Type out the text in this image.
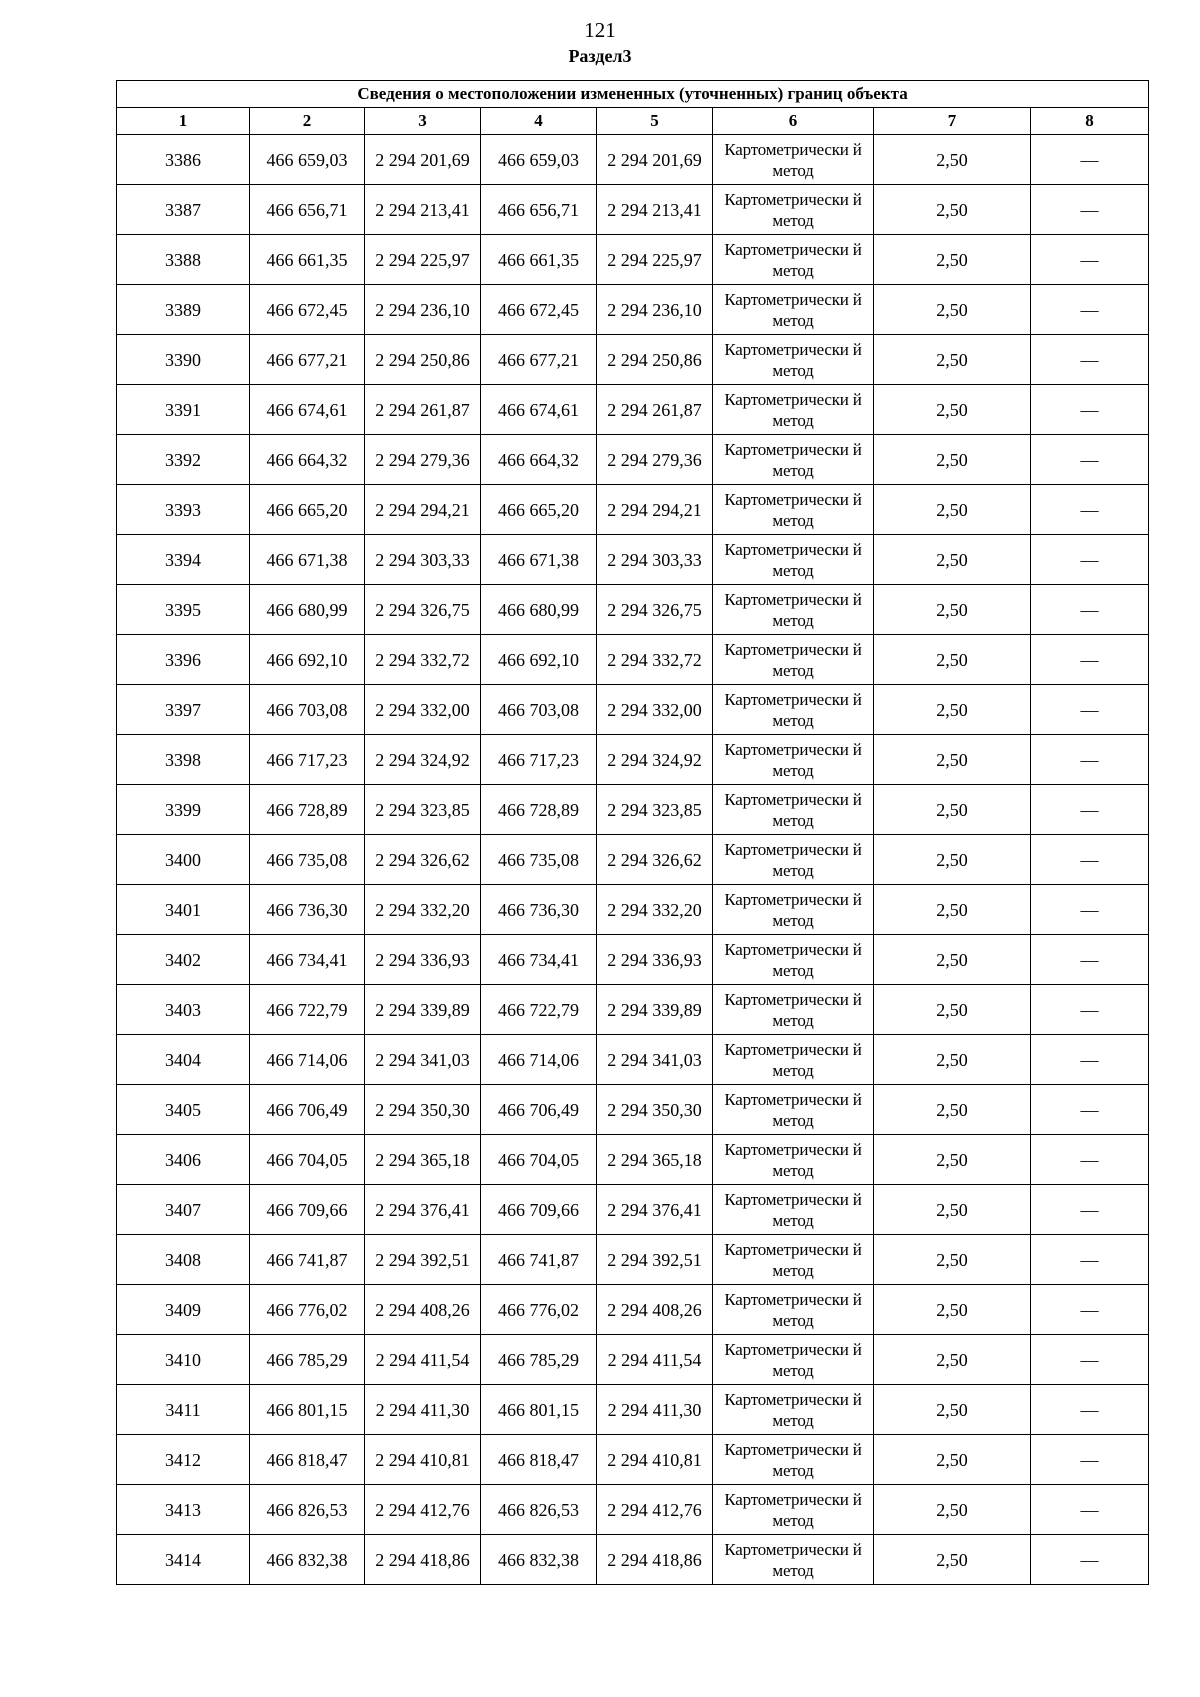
121
Раздел3
Сведения о местоположении измененных (уточненных) границ объекта							
1	2	3	4	5	6	7	8
3386	466 659,03	2 294 201,69	466 659,03	2 294 201,69	Картометрически й метод	2,50	—
3387	466 656,71	2 294 213,41	466 656,71	2 294 213,41	Картометрически й метод	2,50	—
3388	466 661,35	2 294 225,97	466 661,35	2 294 225,97	Картометрически й метод	2,50	—
3389	466 672,45	2 294 236,10	466 672,45	2 294 236,10	Картометрически й метод	2,50	—
3390	466 677,21	2 294 250,86	466 677,21	2 294 250,86	Картометрически й метод	2,50	—
3391	466 674,61	2 294 261,87	466 674,61	2 294 261,87	Картометрически й метод	2,50	—
3392	466 664,32	2 294 279,36	466 664,32	2 294 279,36	Картометрически й метод	2,50	—
3393	466 665,20	2 294 294,21	466 665,20	2 294 294,21	Картометрически й метод	2,50	—
3394	466 671,38	2 294 303,33	466 671,38	2 294 303,33	Картометрически й метод	2,50	—
3395	466 680,99	2 294 326,75	466 680,99	2 294 326,75	Картометрически й метод	2,50	—
3396	466 692,10	2 294 332,72	466 692,10	2 294 332,72	Картометрически й метод	2,50	—
3397	466 703,08	2 294 332,00	466 703,08	2 294 332,00	Картометрически й метод	2,50	—
3398	466 717,23	2 294 324,92	466 717,23	2 294 324,92	Картометрически й метод	2,50	—
3399	466 728,89	2 294 323,85	466 728,89	2 294 323,85	Картометрически й метод	2,50	—
3400	466 735,08	2 294 326,62	466 735,08	2 294 326,62	Картометрически й метод	2,50	—
3401	466 736,30	2 294 332,20	466 736,30	2 294 332,20	Картометрически й метод	2,50	—
3402	466 734,41	2 294 336,93	466 734,41	2 294 336,93	Картометрически й метод	2,50	—
3403	466 722,79	2 294 339,89	466 722,79	2 294 339,89	Картометрически й метод	2,50	—
3404	466 714,06	2 294 341,03	466 714,06	2 294 341,03	Картометрически й метод	2,50	—
3405	466 706,49	2 294 350,30	466 706,49	2 294 350,30	Картометрически й метод	2,50	—
3406	466 704,05	2 294 365,18	466 704,05	2 294 365,18	Картометрически й метод	2,50	—
3407	466 709,66	2 294 376,41	466 709,66	2 294 376,41	Картометрически й метод	2,50	—
3408	466 741,87	2 294 392,51	466 741,87	2 294 392,51	Картометрически й метод	2,50	—
3409	466 776,02	2 294 408,26	466 776,02	2 294 408,26	Картометрически й метод	2,50	—
3410	466 785,29	2 294 411,54	466 785,29	2 294 411,54	Картометрически й метод	2,50	—
3411	466 801,15	2 294 411,30	466 801,15	2 294 411,30	Картометрически й метод	2,50	—
3412	466 818,47	2 294 410,81	466 818,47	2 294 410,81	Картометрически й метод	2,50	—
3413	466 826,53	2 294 412,76	466 826,53	2 294 412,76	Картометрически й метод	2,50	—
3414	466 832,38	2 294 418,86	466 832,38	2 294 418,86	Картометрически й метод	2,50	—
